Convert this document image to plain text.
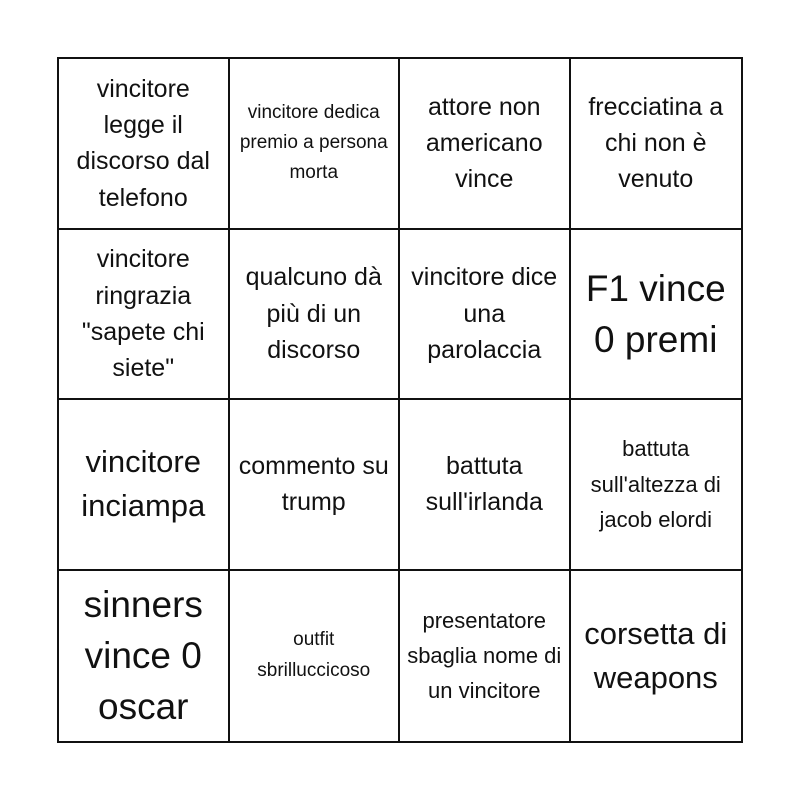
vincitore legge il discorso dal telefono
vincitore dedica premio a persona morta
attore non americano vince
frecciatina a chi non è venuto
vincitore ringrazia "sapete chi siete"
qualcuno dà più di un discorso
vincitore dice una parolaccia
F1 vince 0 premi
vincitore inciampa
commento su trump
battuta sull'irlanda
battuta sull'altezza di jacob elordi
sinners vince 0 oscar
outfit sbrilluccicoso
presentatore sbaglia nome di un vincitore
corsetta di weapons
